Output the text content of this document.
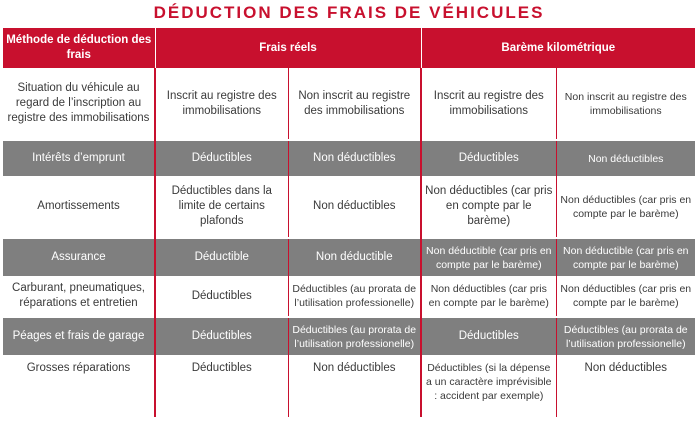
DÉDUCTION DES FRAIS DE VÉHICULES
Méthode de déduction des frais	Frais réels		Barème kilométrique	
Situation du véhicule au regard de l’inscription au registre des immobilisations	Inscrit au registre des immobilisations	Non inscrit au registre des immobilisations	Inscrit au registre des immobilisations	Non inscrit au registre des immobilisations
Intérêts d’emprunt	Déductibles	Non déductibles	Déductibles	Non déductibles
Amortissements	Déductibles dans la limite de certains plafonds	Non déductibles	Non déductibles (car pris en compte par le barème)	Non déductibles (car pris en compte par le barème)
Assurance	Déductible	Non déductible	Non déductible (car pris en compte par le barème)	Non déductible (car pris en compte par le barème)
Carburant, pneumatiques, réparations et entretien	Déductibles	Déductibles (au prorata de l’utilisation professionelle)	Non déductibles (car pris en compte par le barème)	Non déductibles (car pris en compte par le barème)
Péages et frais de garage	Déductibles	Déductibles (au prorata de l’utilisation professionelle)	Déductibles	Déductibles (au prorata de l’utilisation professionelle)
Grosses réparations	Déductibles	Non déductibles	Déductibles (si la dépense a un caractère imprévisible : accident par exemple)	Non déductibles
